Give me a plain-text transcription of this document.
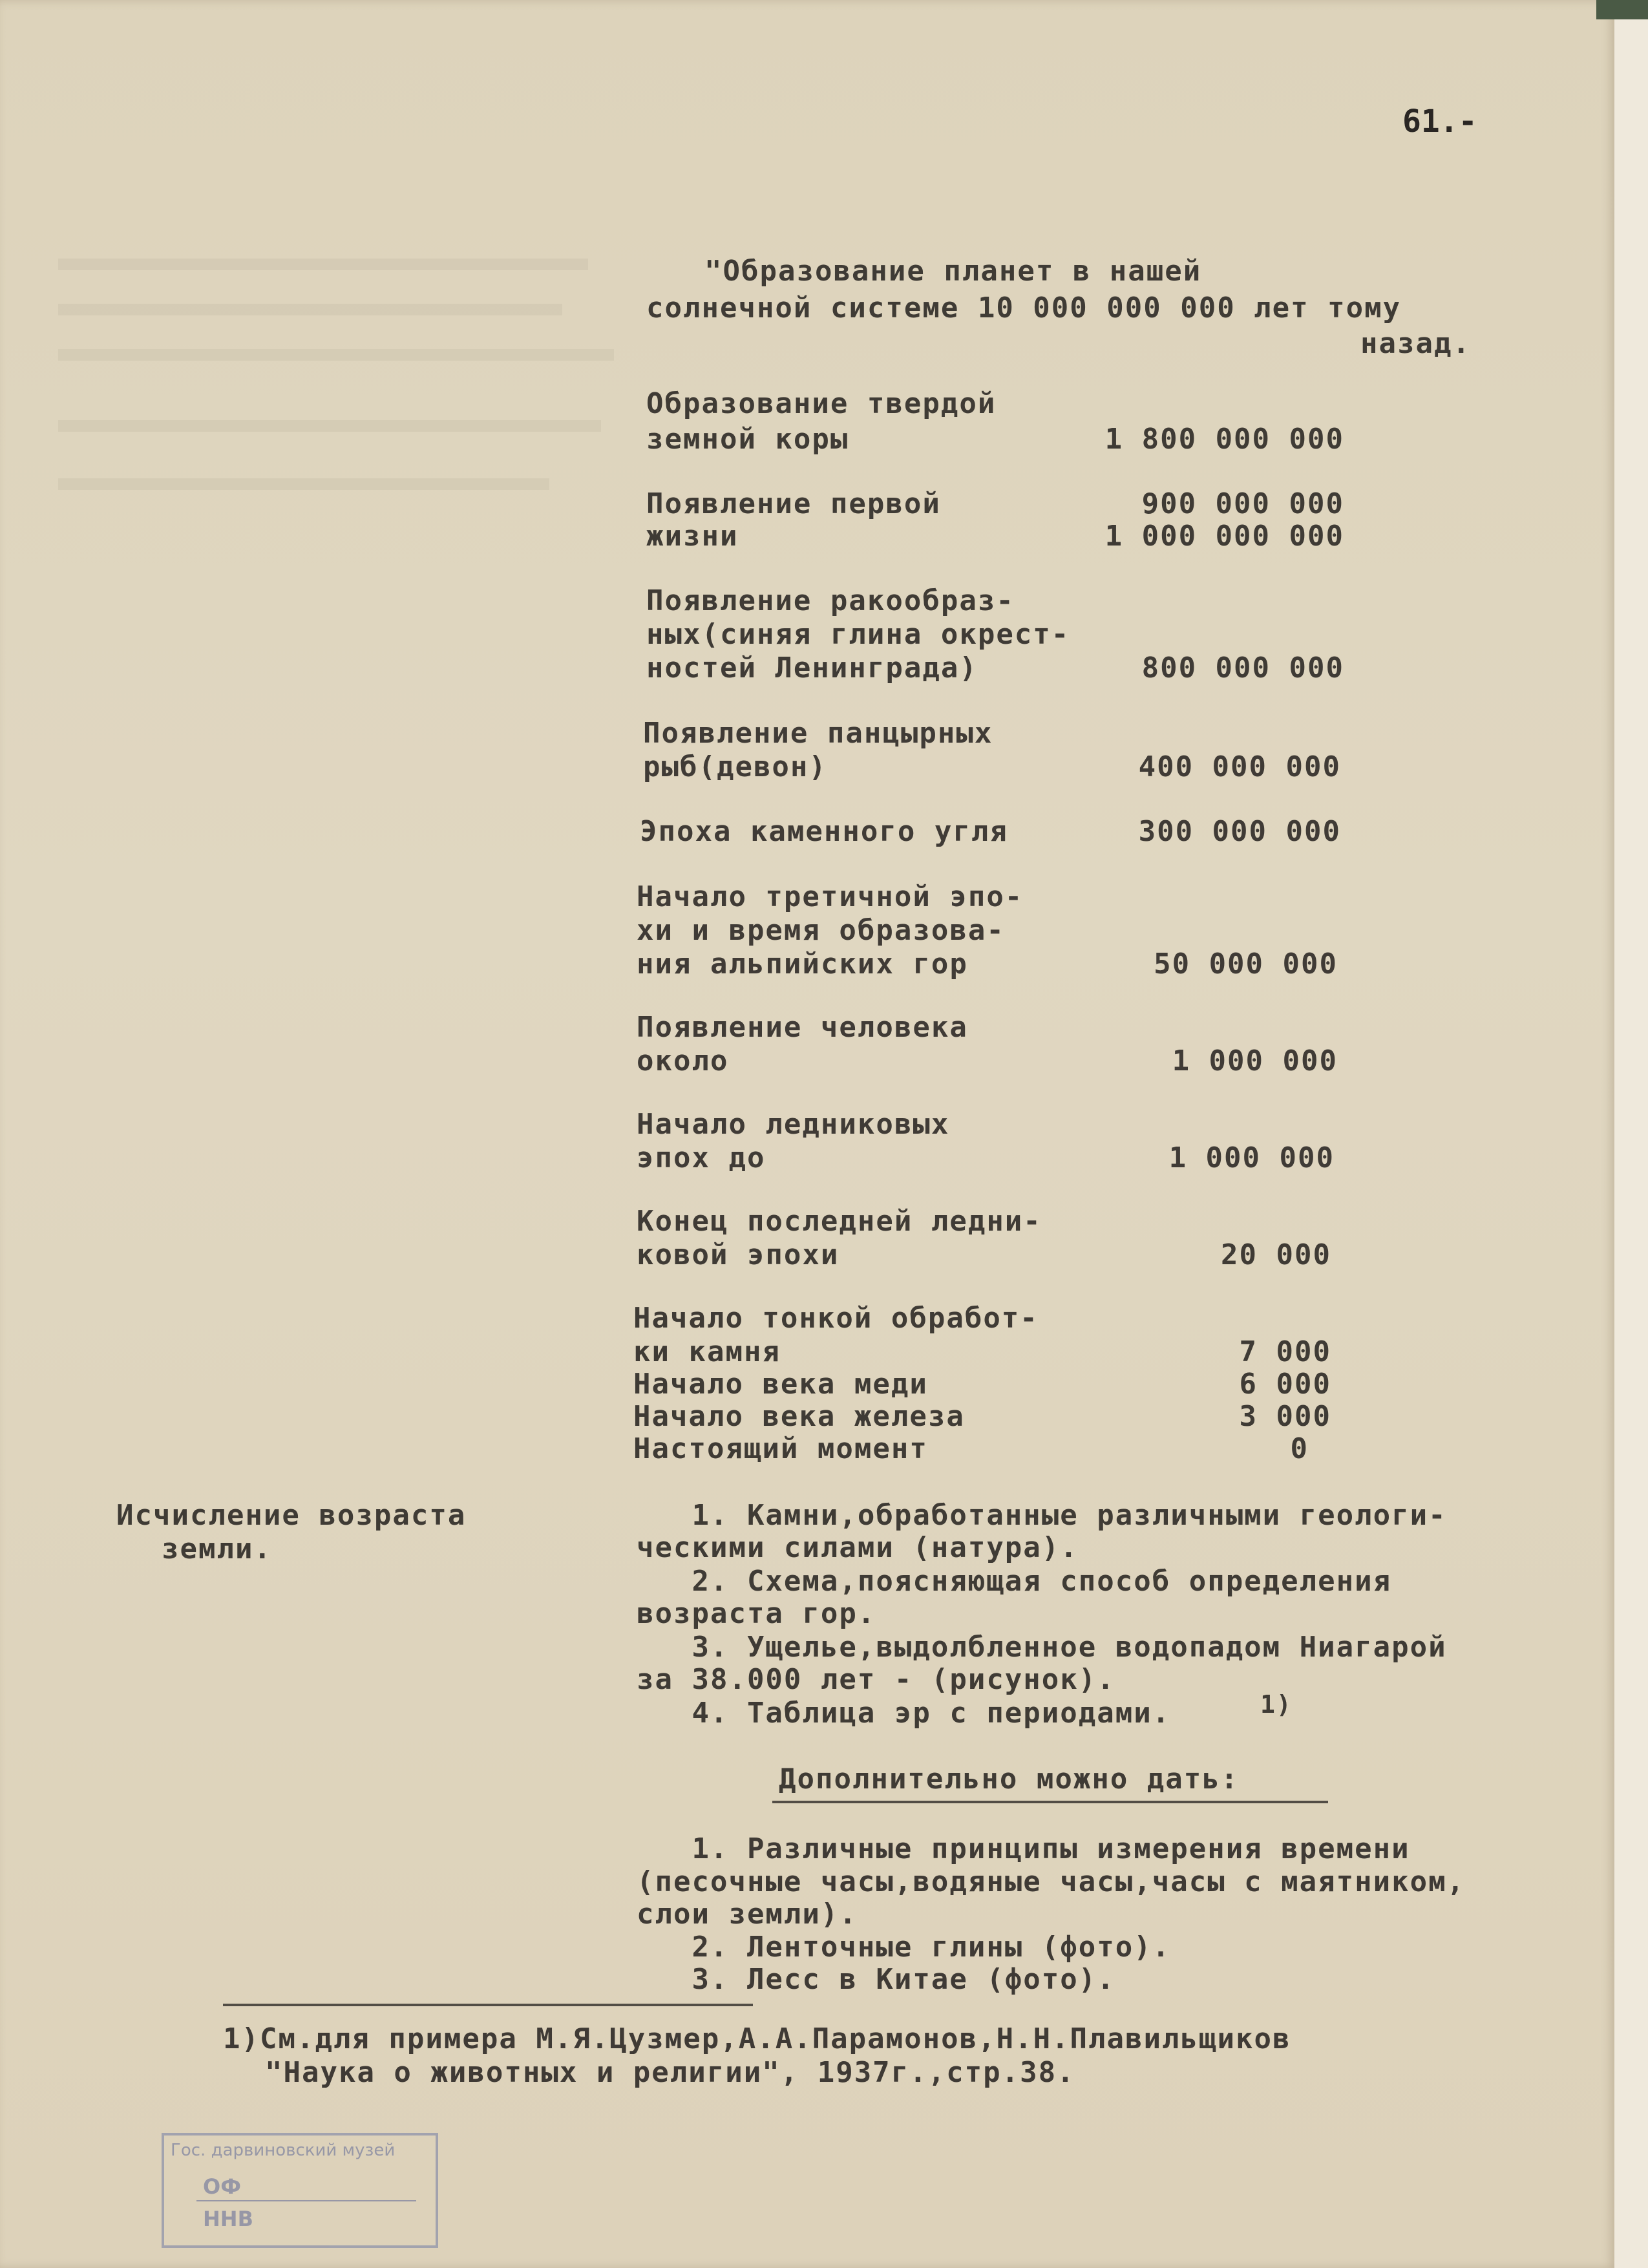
61.-
"Образование планет в нашей
солнечной системе 10 000 000 000 лет тому
назад.
Образование твердой
земной коры	1 800 000 000
Появление первой	900 000 000
жизни	1 000 000 000
Появление ракообраз-
ных(синяя глина окрест-
ностей Ленинграда)	800 000 000
Появление панцырных
рыб(девон)	400 000 000
Эпоха каменного угля	300 000 000
Начало третичной эпо-
хи и время образова-
ния альпийских гор	50 000 000
Появление человека
около	1 000 000
Начало ледниковых
эпох до	1 000 000
Конец последней ледни-
ковой эпохи	20 000
Начало тонкой обработ-
ки камня	7 000
Начало века меди	6 000
Начало века железа	3 000
Настоящий момент	0
Исчисление возраста
земли.
1. Камни,обработанные различными геологи-
ческими силами (натура).
2. Схема,поясняющая способ определения
возраста гор.
3. Ущелье,выдолбленное водопадом Ниагарой
за 38.000 лет - (рисунок).
4. Таблица эр с периодами.	1)
Дополнительно можно дать:
1. Различные принципы измерения времени
(песочные часы,водяные часы,часы с маятником,
слои земли).
2. Ленточные глины (фото).
3. Лесс в Китае (фото).
1)См.для примера М.Я.Цузмер,А.А.Парамонов,Н.Н.Плавильщиков
"Наука о животных и религии", 1937г.,стр.38.
Гос. дарвиновский музей
ОФ
ННВ
